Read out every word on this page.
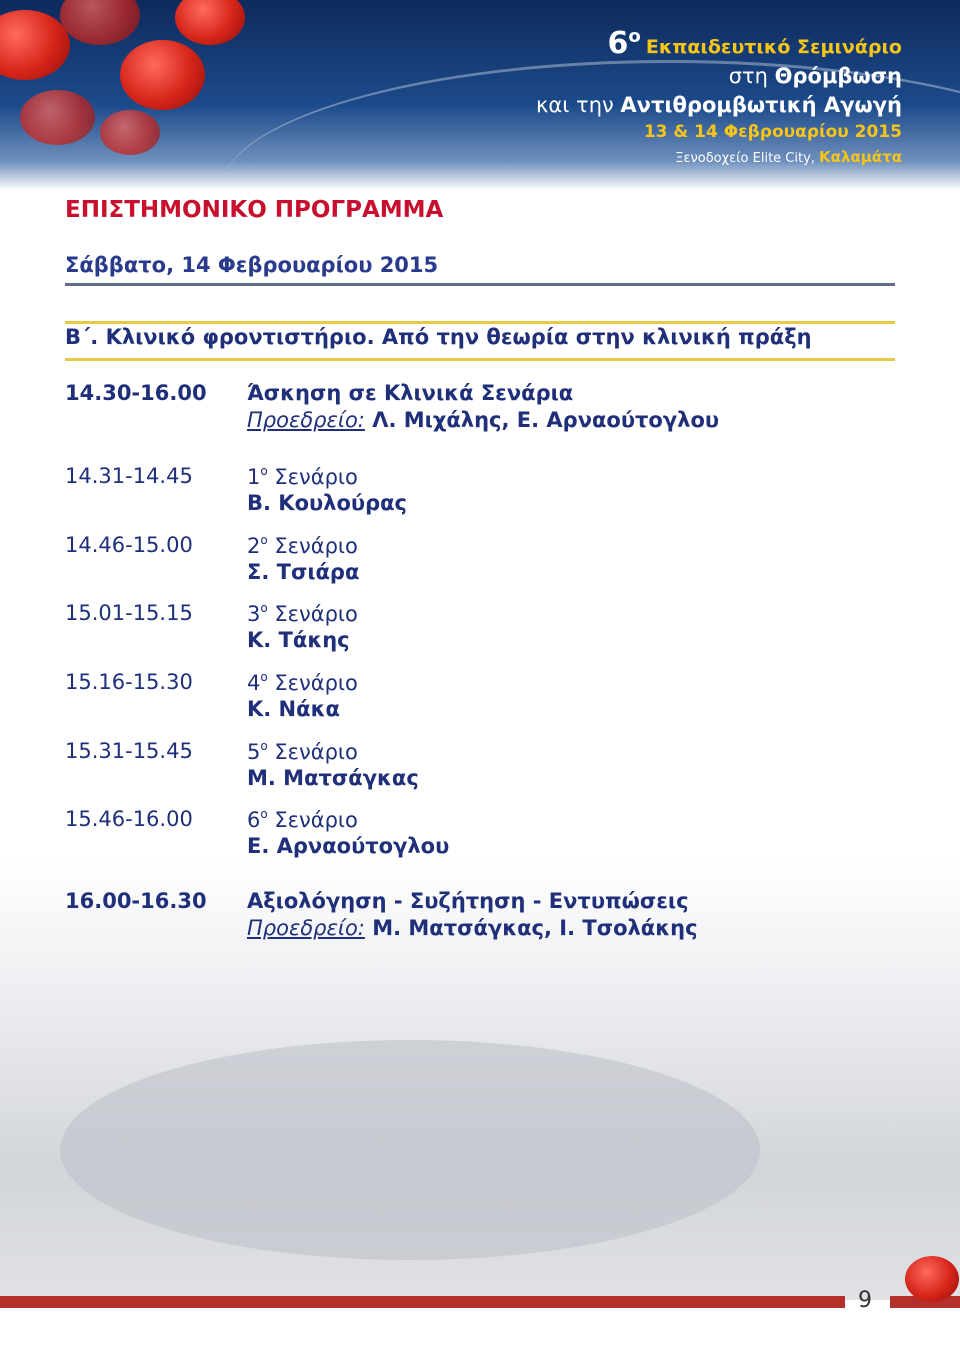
$6^o$ Εκπαιδευτικό Σεμινάριο
στη Θρόμβωση
και την Αντιθρομβωτική Αγωγή
13 & 14 Φεβρουαρίου 2015
Ξενοδοχείο Elite City, Καλαμάτα
ΕΠΙΣΤΗΜΟΝΙΚΟ ΠΡΟΓΡΑΜΜΑ
Σάββατο, 14 Φεβρουαρίου 2015
Β΄. Κλινικό φροντιστήριο. Από την θεωρία στην κλινική πράξη
14.30-16.00 Άσκηση σε Κλινικά Σενάρια
Προεδρείο: Λ. Μιχάλης, Ε. Αρναούτογλου
14.31-14.45	$1^o$ Σενάριο
Β. Κουλούρας
14.46-15.00	$2^o$ Σενάριο
Σ. Τσιάρα
15.01-15.15	$3^o$ Σενάριο
Κ. Τάκης
15.16-15.30	$4^o$ Σενάριο
Κ. Νάκα
15.31-15.45	$5^o$ Σενάριο
Μ. Ματσάγκας
15.46-16.00	$6^o$ Σενάριο
Ε. Αρναούτογλου
16.00-16.30 Αξιολόγηση - Συζήτηση - Εντυπώσεις
Προεδρείο: Μ. Ματσάγκας, Ι. Τσολάκης
9
